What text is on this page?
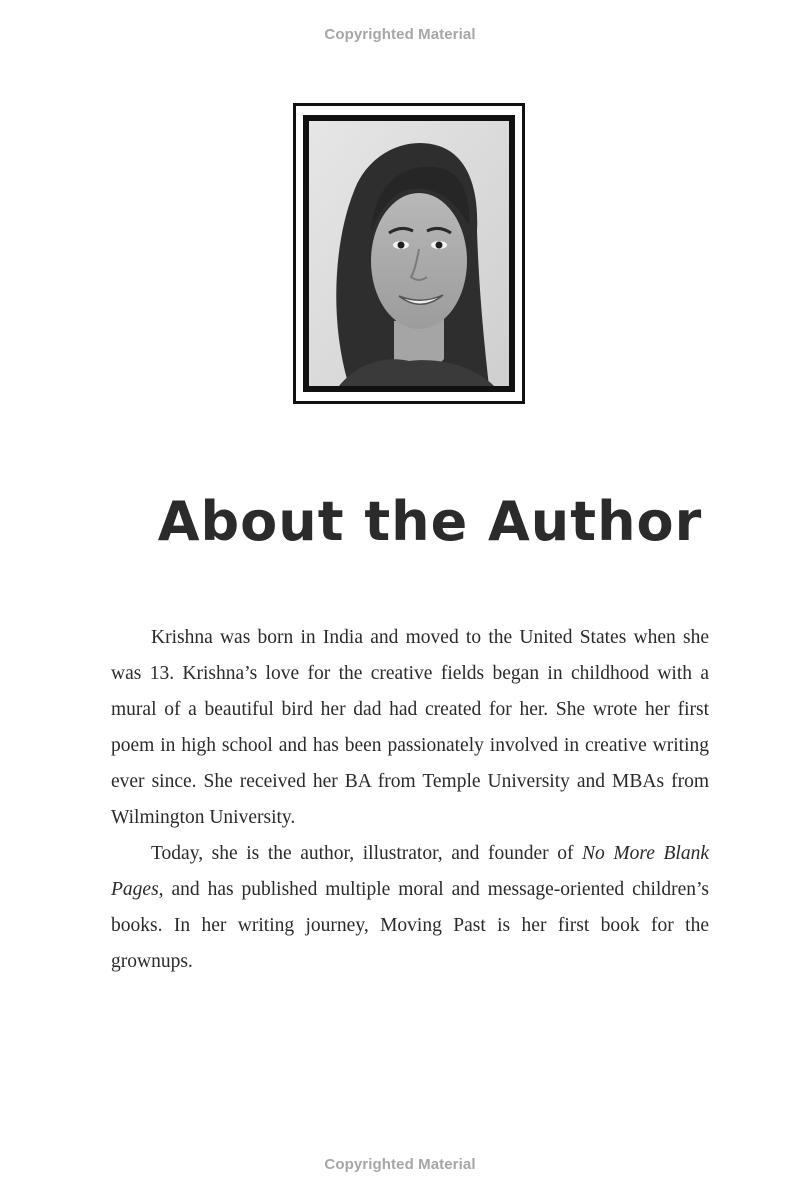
Copyrighted Material
About the Author

Krishna was born in India and moved to the United States when she was 13. Krishna’s love for the creative fields began in childhood with a mural of a beautiful bird her dad had created for her. She wrote her first poem in high school and has been passionately involved in creative writing ever since. She received her BA from Temple University and MBAs from Wilmington University.

Today, she is the author, illustrator, and founder of No More Blank Pages, and has published multiple moral and message-oriented children’s books. In her writing journey, Moving Past is her first book for the grownups.

Copyrighted Material
